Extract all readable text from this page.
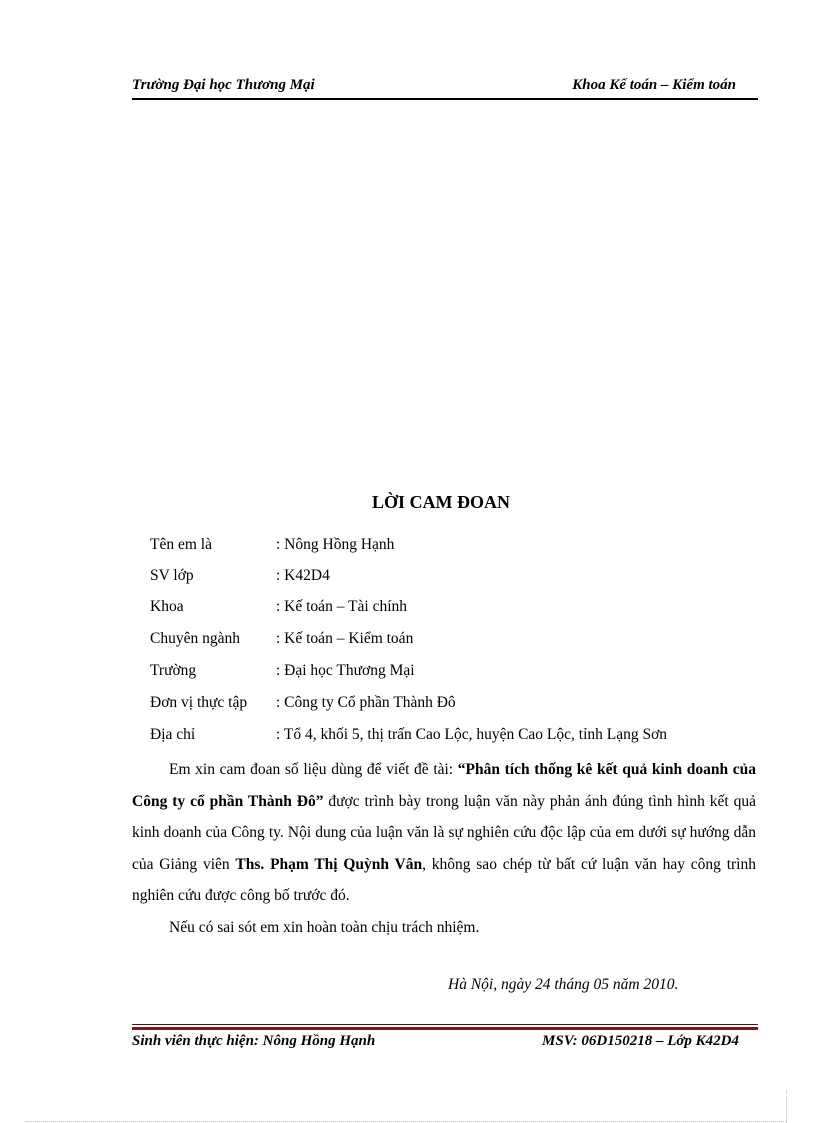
Trường Đại học Thương Mại	Khoa Kế toán – Kiểm toán
LỜI CAM ĐOAN
Tên em là	: Nông Hồng Hạnh
SV lớp	: K42D4
Khoa	: Kế toán – Tài chính
Chuyên ngành : Kế toán – Kiểm toán
Trường	: Đại học Thương Mại
Đơn vị thực tập : Công ty Cổ phần Thành Đô
Địa chỉ	: Tổ 4, khối 5, thị trấn Cao Lộc, huyện Cao Lộc, tỉnh Lạng Sơn

Em xin cam đoan số liệu dùng để viết đề tài: “Phân tích thống kê kết quả kinh doanh của Công ty cổ phần Thành Đô” được trình bày trong luận văn này phản ánh đúng tình hình kết quả kinh doanh của Công ty. Nội dung của luận văn là sự nghiên cứu độc lập của em dưới sự hướng dẫn của Giảng viên Ths. Phạm Thị Quỳnh Vân, không sao chép từ bất cứ luận văn hay công trình nghiên cứu được công bố trước đó.

Nếu có sai sót em xin hoàn toàn chịu trách nhiệm.

Hà Nội, ngày 24 tháng 05 năm 2010.
Sinh viên thực hiện: Nông Hồng Hạnh	MSV: 06D150218 – Lớp K42D4
